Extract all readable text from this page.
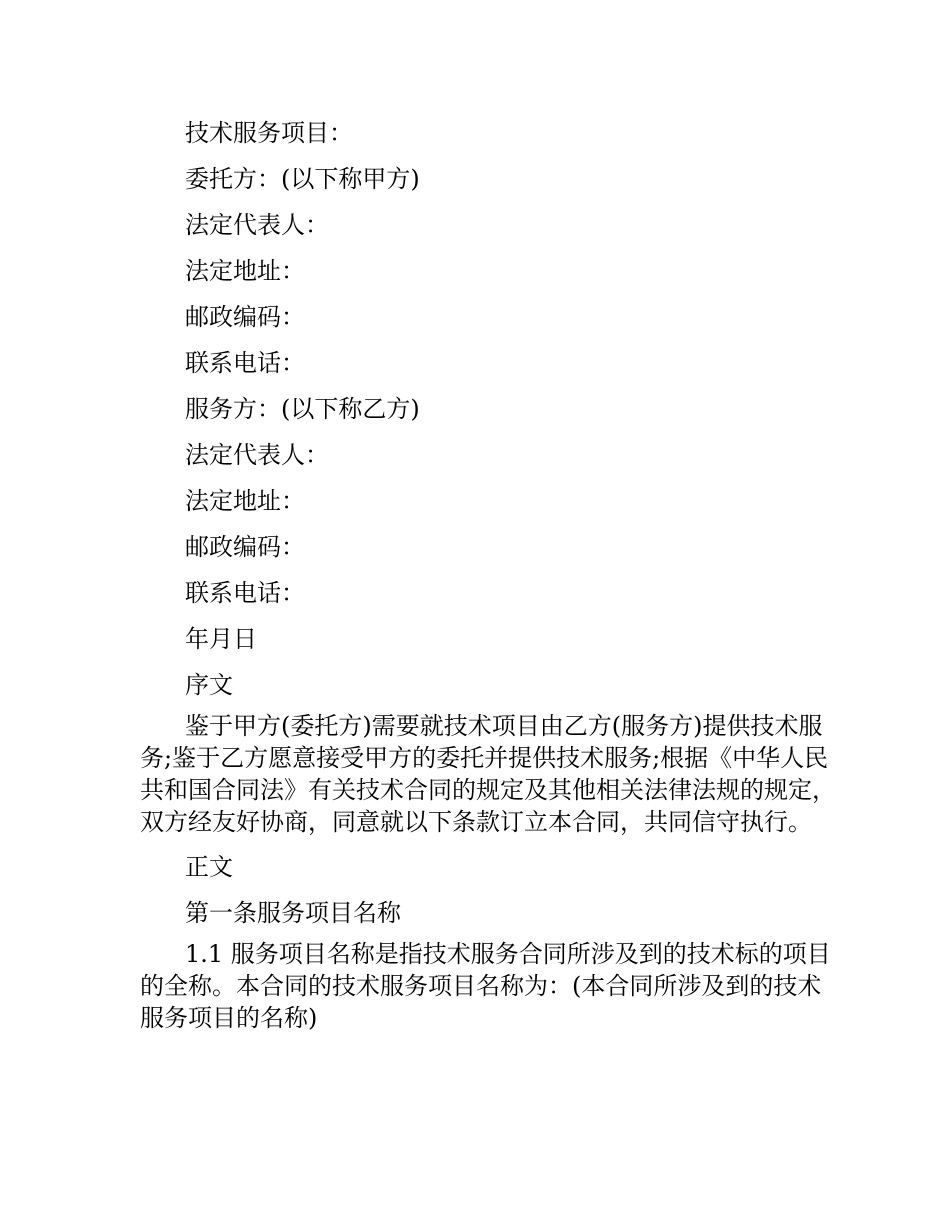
技术服务项目：

委托方：(以下称甲方)

法定代表人：

法定地址：

邮政编码：

联系电话：

服务方：(以下称乙方)

法定代表人：

法定地址：

邮政编码：

联系电话：

年月日

序文

鉴于甲方(委托方)需要就技术项目由乙方(服务方)提供技术服务;鉴于乙方愿意接受甲方的委托并提供技术服务;根据《中华人民共和国合同法》有关技术合同的规定及其他相关法律法规的规定，双方经友好协商，同意就以下条款订立本合同，共同信守执行。

正文

第一条服务项目名称

1.1 服务项目名称是指技术服务合同所涉及到的技术标的项目的全称。本合同的技术服务项目名称为：(本合同所涉及到的技术服务项目的名称)
